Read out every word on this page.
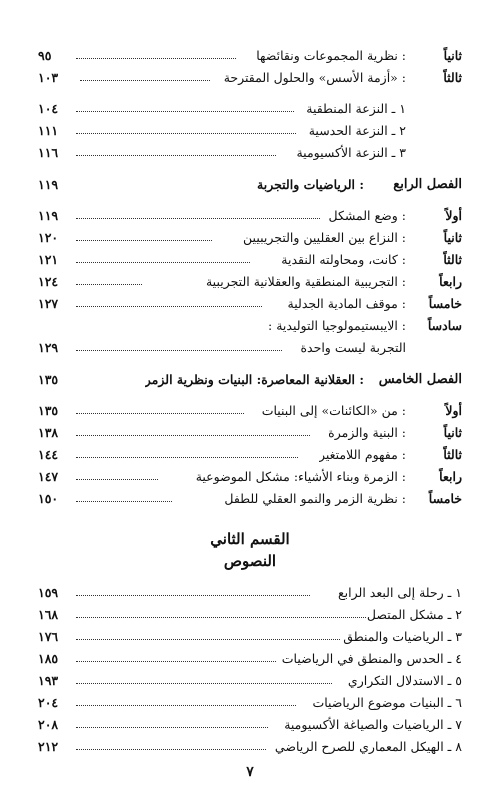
ثانياً
: نظرية المجموعات ونقائضها
٩٥
ثالثاً
: «أزمة الأسس» والحلول المقترحة
١٠٣
١ ـ النزعة المنطقية
١٠٤
٢ ـ النزعة الحدسية
١١١
٣ ـ النزعة الأكسيومية
١١٦
الفصل الرابع
: الرياضيات والتجربة
١١٩
أولاً
: وضع المشكل
١١٩
ثانياً
: النزاع بين العقليين والتجريبيين
١٢٠
ثالثاً
: كانت، ومحاولته النقدية
١٢١
رابعاً
: التجريبية المنطقية والعقلانية التجريبية
١٢٤
خامساً
: موقف المادية الجدلية
١٢٧
سادساً
: الايبستيمولوجيا التوليدية :
التجربة ليست واحدة
١٢٩
الفصل الخامس
: العقلانية المعاصرة: البنيات ونظرية الزمر
١٣٥
أولاً
: من «الكائنات» إلى البنيات
١٣٥
ثانياً
: البنية والزمرة
١٣٨
ثالثاً
: مفهوم اللامتغير
١٤٤
رابعاً
: الزمرة وبناء الأشياء: مشكل الموضوعية
١٤٧
خامساً
: نظرية الزمر والنمو العقلي للطفل
١٥٠
القسم الثاني
النصوص
١ ـ رحلة إلى البعد الرابع
١٥٩
٢ ـ مشكل المتصل
١٦٨
٣ ـ الرياضيات والمنطق
١٧٦
٤ ـ الحدس والمنطق في الرياضيات
١٨٥
٥ ـ الاستدلال التكراري
١٩٣
٦ ـ البنيات موضوع الرياضيات
٢٠٤
٧ ـ الرياضيات والصياغة الأكسيومية
٢٠٨
٨ ـ الهيكل المعماري للصرح الرياضي
٢١٢
٧
